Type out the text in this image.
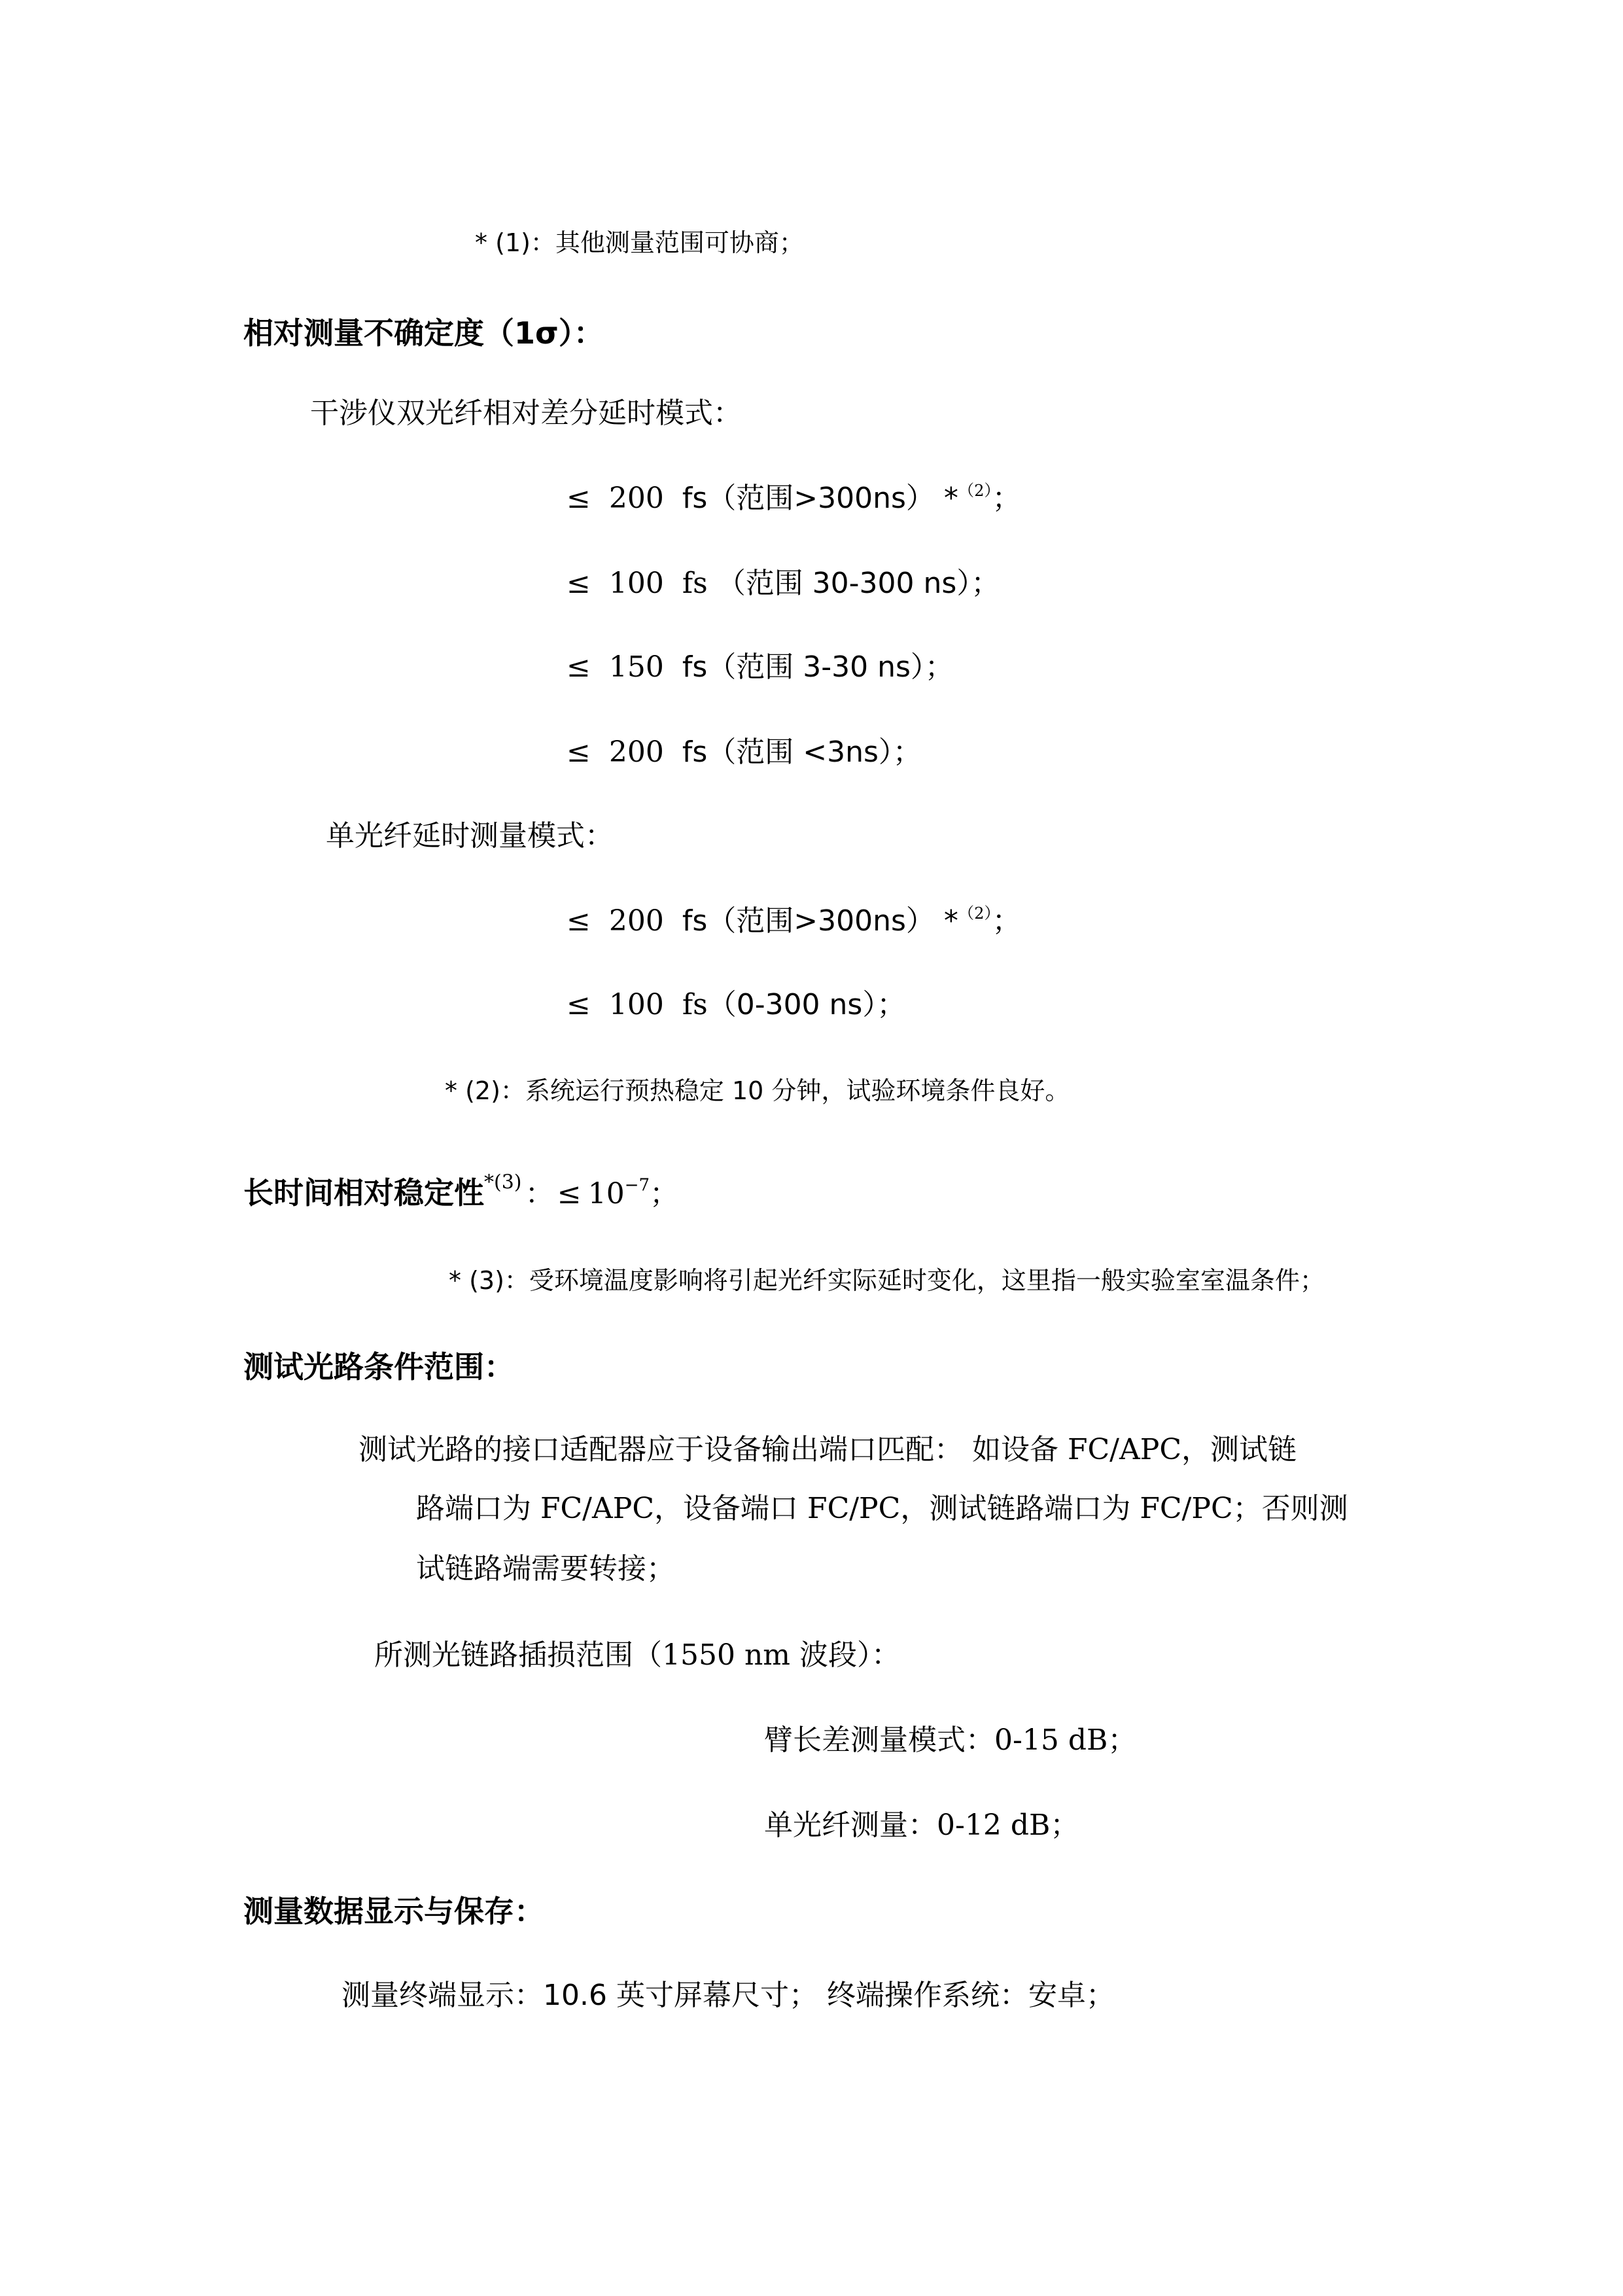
* (1)：其他测量范围可协商；
相对测量不确定度（1σ）：
干涉仪双光纤相对差分延时模式：
≤ 200 fs（范围>300ns） *$^{(2)}$；
≤ 100 fs （范围 30-300 ns）；
≤ 150 fs（范围 3-30 ns）；
≤ 200 fs（范围 <3ns）；
单光纤延时测量模式：
≤ 200 fs（范围>300ns） *$^{(2)}$；
≤ 100 fs（0-300 ns）；
* (2)：系统运行预热稳定 10 分钟，试验环境条件良好。
长时间相对稳定性$^{*(3)}$ ： ≤ $10^{-7}$；
* (3)：受环境温度影响将引起光纤实际延时变化，这里指一般实验室室温条件；
测试光路条件范围：
测试光路的接口适配器应于设备输出端口匹配： 如设备 FC/APC，测试链
路端口为 FC/APC，设备端口 FC/PC，测试链路端口为 FC/PC；否则测
试链路端需要转接；
所测光链路插损范围（1550 nm 波段）：
臂长差测量模式：0-15 dB；
单光纤测量：0-12 dB；
测量数据显示与保存：
测量终端显示：10.6 英寸屏幕尺寸； 终端操作系统：安卓；
